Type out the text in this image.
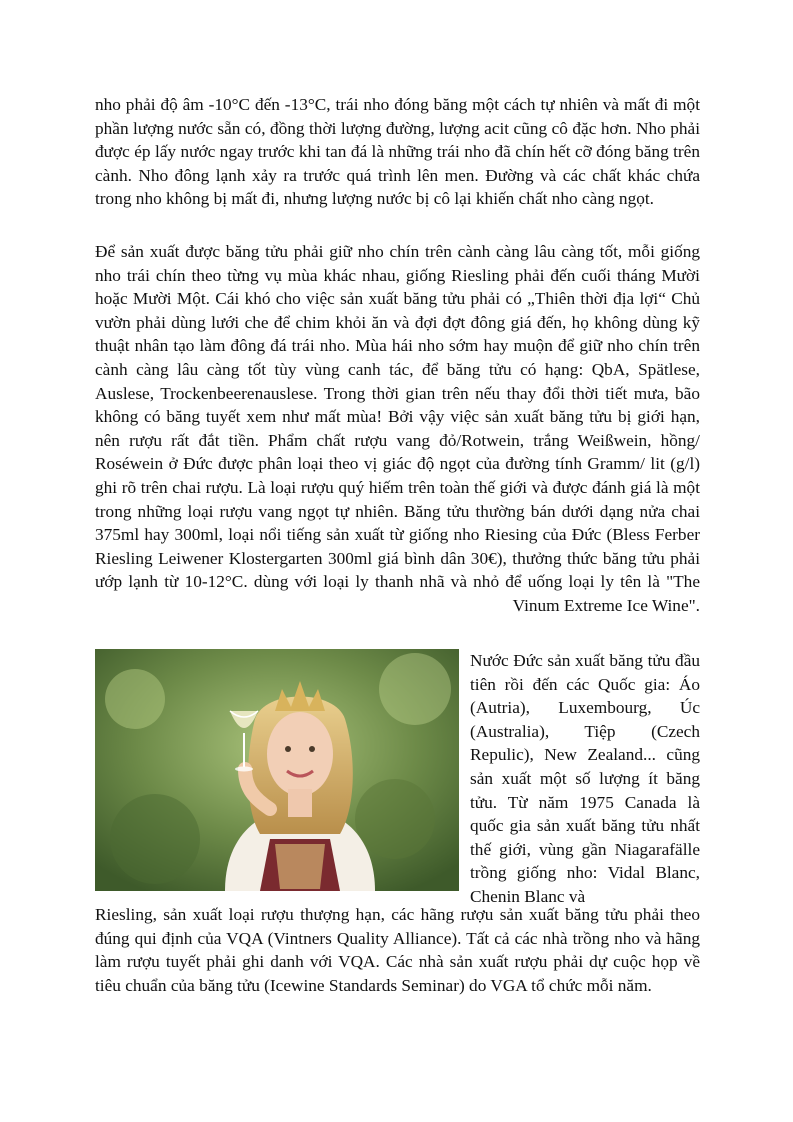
nho phải độ âm -10°C đến -13°C, trái nho đóng băng một cách tự nhiên và mất đi một phần lượng nước sẵn có, đồng thời lượng đường, lượng acit cũng cô đặc hơn. Nho phải được ép lấy nước ngay trước khi tan đá là những trái nho đã chín hết cỡ đóng băng trên cành. Nho đông lạnh xảy ra trước quá trình lên men. Đường và các chất khác chứa trong nho không bị mất đi, nhưng lượng nước bị cô lại khiến chất nho càng ngọt.

Để sản xuất được băng tửu phải giữ nho chín trên cành càng lâu càng tốt, mỗi giống nho trái chín theo từng vụ mùa khác nhau, giống Riesling phải đến cuối tháng Mười hoặc Mười Một. Cái khó cho việc sản xuất băng tửu phải có „Thiên thời địa lợi“ Chủ vườn phải dùng lưới che để chim khỏi ăn và đợi đợt đông giá đến, họ không dùng kỹ thuật nhân tạo làm đông đá trái nho. Mùa hái nho sớm hay muộn để giữ nho chín trên cành càng lâu càng tốt tùy vùng canh tác, để băng tửu có hạng: QbA, Spätlese, Auslese, Trockenbeerenauslese. Trong thời gian trên nếu thay đổi thời tiết mưa, bão không có băng tuyết xem như mất mùa! Bởi vậy việc sản xuất băng tửu bị giới hạn, nên rượu rất đắt tiền. Phẩm chất rượu vang đỏ/Rotwein, trắng Weißwein, hồng/ Roséwein ở Đức được phân loại theo vị giác độ ngọt của đường tính Gramm/ lit (g/l) ghi rõ trên chai rượu. Là loại rượu quý hiếm trên toàn thế giới và được đánh giá là một trong những loại rượu vang ngọt tự nhiên. Băng tửu thường bán dưới dạng nửa chai 375ml hay 300ml, loại nổi tiếng sản xuất từ giống nho Riesing của Đức (Bless Ferber Riesling Leiwener Klostergarten 300ml giá bình dân 30€), thưởng thức băng tửu phải ướp lạnh từ 10-12°C. dùng với loại ly thanh nhã và nhỏ để uống loại ly tên là "The Vinum Extreme Ice Wine".

Nước Đức sản xuất băng tửu đầu tiên rồi đến các Quốc gia: Áo (Autria), Luxembourg, Úc (Australia), Tiệp (Czech Repulic), New Zealand... cũng sản xuất một số lượng ít băng tửu. Từ năm 1975 Canada là quốc gia sản xuất băng tửu nhất thế giới, vùng gần Niagarafälle trồng giống nho: Vidal Blanc, Chenin Blanc và

Riesling, sản xuất loại rượu thượng hạn, các hãng rượu sản xuất băng tửu phải theo đúng qui định của VQA (Vintners Quality Alliance). Tất cả các nhà trồng nho và hãng làm rượu tuyết phải ghi danh với VQA. Các nhà sản xuất rượu phải dự cuộc họp về tiêu chuẩn của băng tửu (Icewine Standards Seminar) do VGA tổ chức mỗi năm.
